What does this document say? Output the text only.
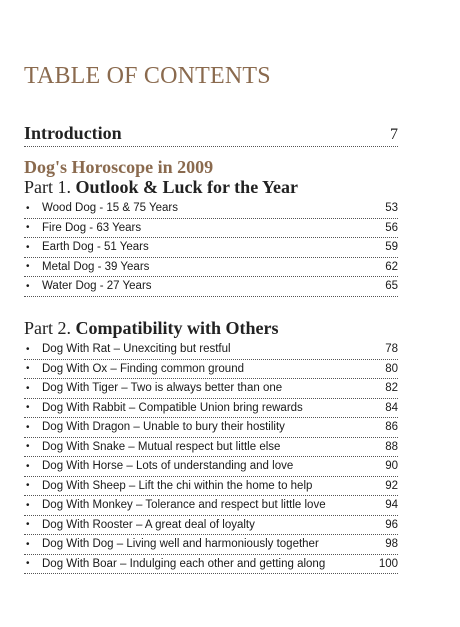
TABLE OF CONTENTS
Introduction	7
Dog's Horoscope in 2009
Part 1. Outlook & Luck for the Year
•	Wood Dog - 15 & 75 Years	53
•	Fire Dog - 63 Years	56
•	Earth Dog - 51 Years	59
•	Metal Dog - 39 Years	62
•	Water Dog - 27 Years	65
Part 2. Compatibility with Others
•	Dog With Rat – Unexciting but restful	78
•	Dog With Ox – Finding common ground	80
•	Dog With Tiger – Two is always better than one	82
•	Dog With Rabbit – Compatible Union bring rewards	84
•	Dog With Dragon – Unable to bury their hostility	86
•	Dog With Snake – Mutual respect but little else	88
•	Dog With Horse – Lots of understanding and love	90
•	Dog With Sheep – Lift the chi within the home to help	92
•	Dog With Monkey – Tolerance and respect but little love	94
•	Dog With Rooster – A great deal of loyalty	96
•	Dog With Dog – Living well and harmoniously together	98
•	Dog With Boar – Indulging each other and getting along	100
